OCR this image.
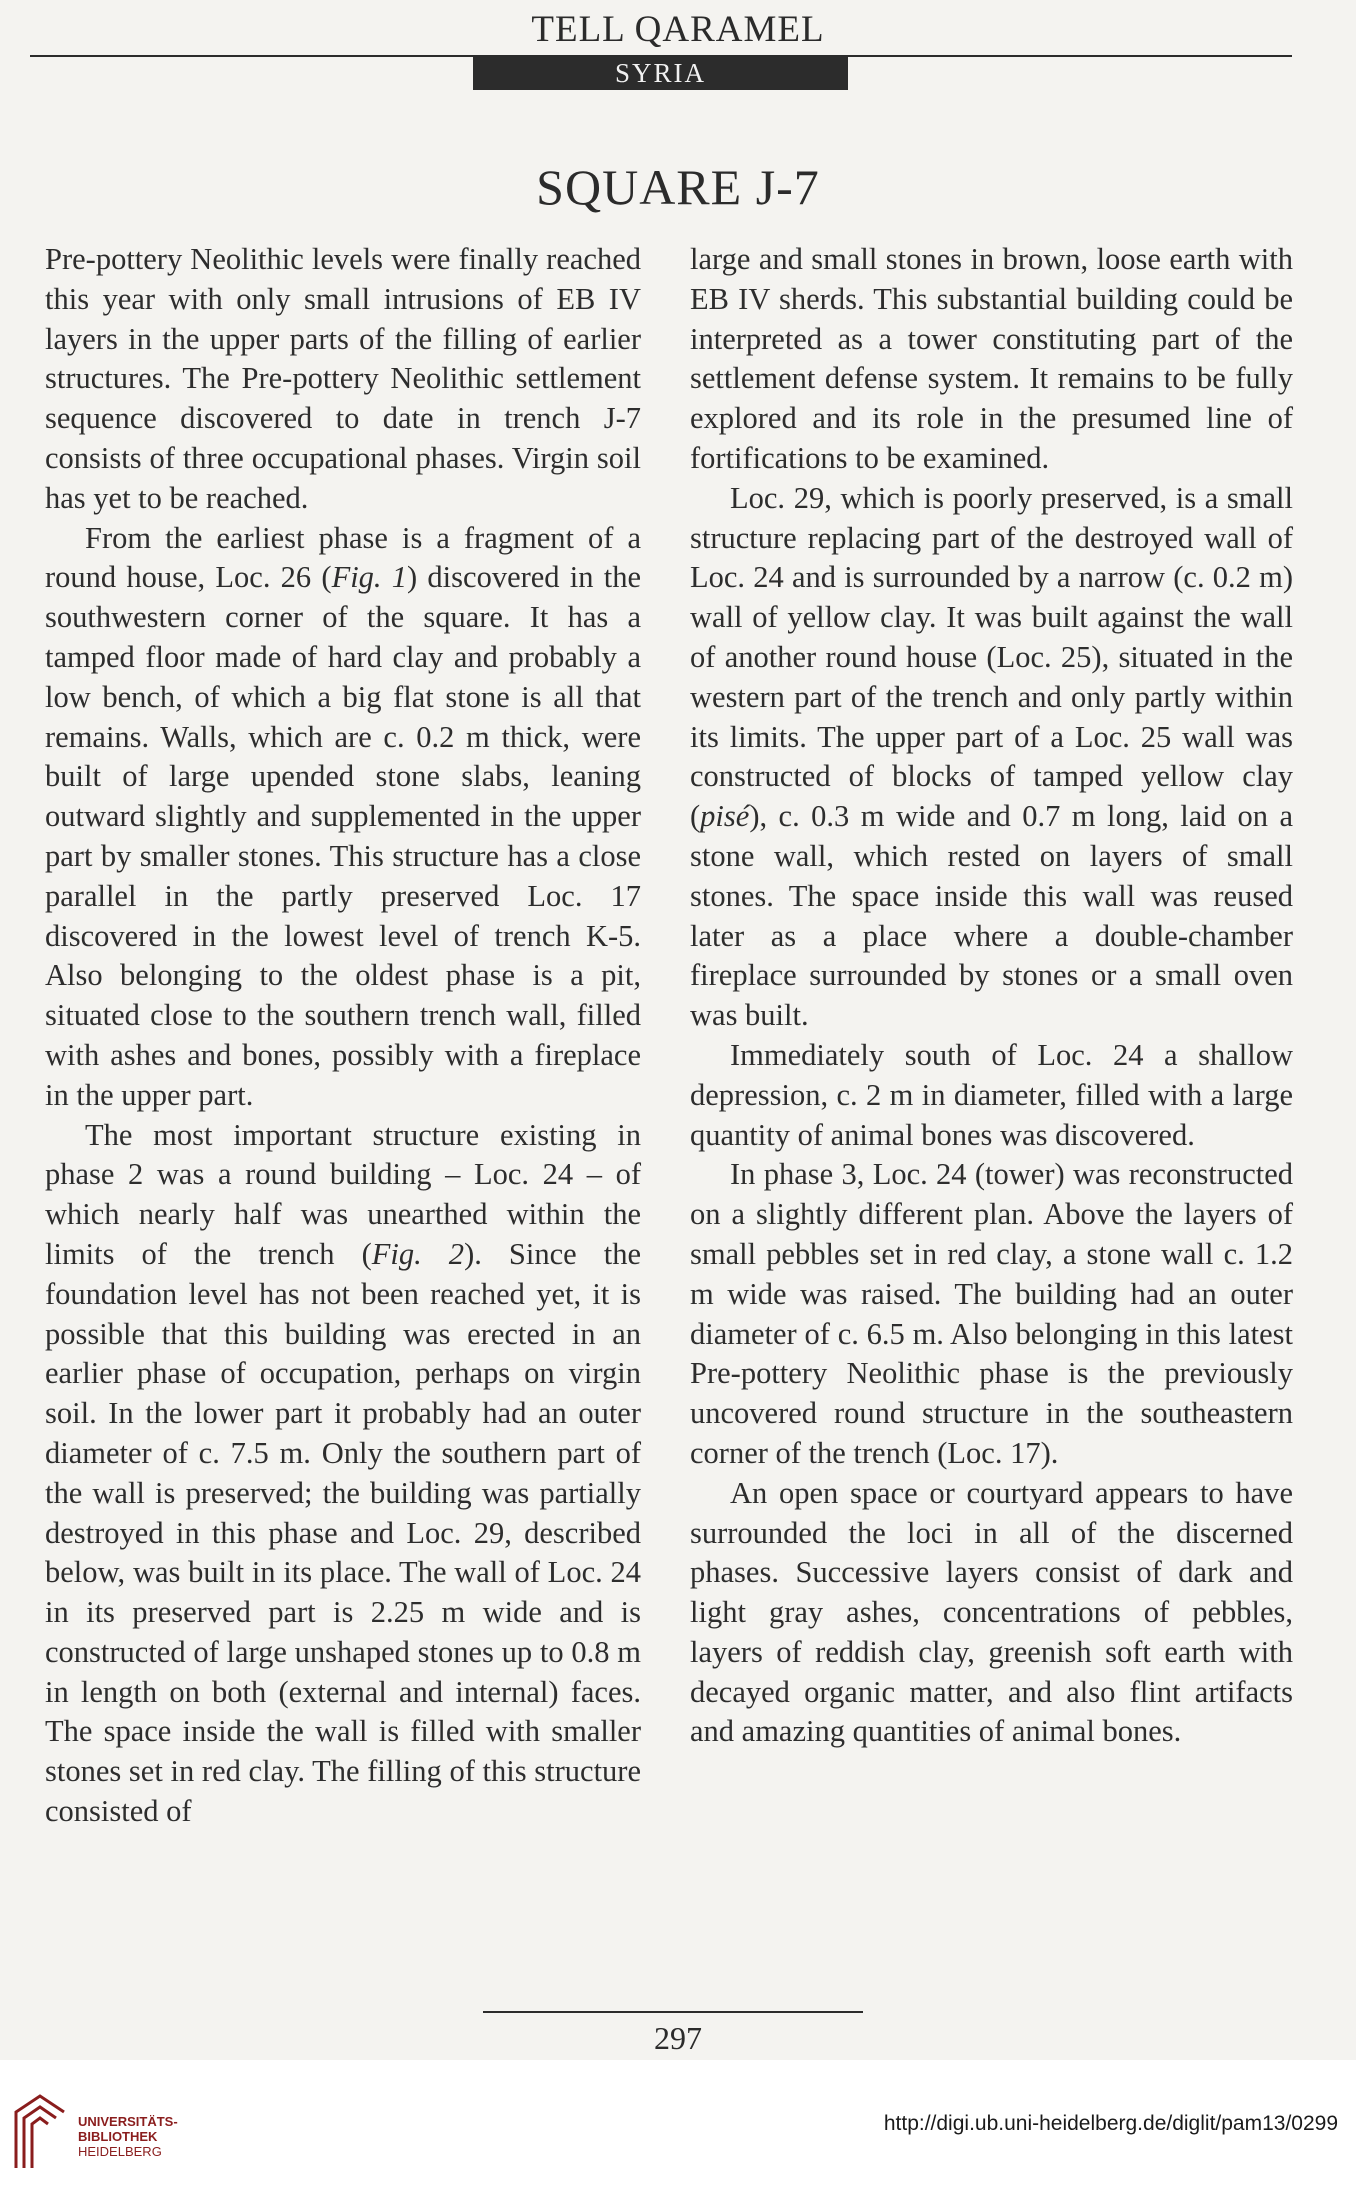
TELL QARAMEL
SYRIA
SQUARE J-7

Pre-pottery Neolithic levels were finally reached this year with only small intrusions of EB IV layers in the upper parts of the filling of earlier structures. The Pre-pottery Neolithic settlement sequence discovered to date in trench J-7 consists of three occupational phases. Virgin soil has yet to be reached.

From the earliest phase is a fragment of a round house, Loc. 26 (Fig. 1) discovered in the southwestern corner of the square. It has a tamped floor made of hard clay and probably a low bench, of which a big flat stone is all that remains. Walls, which are c. 0.2 m thick, were built of large upended stone slabs, leaning outward slightly and supplemented in the upper part by smaller stones. This structure has a close parallel in the partly preserved Loc. 17 discovered in the lowest level of trench K-5. Also belonging to the oldest phase is a pit, situated close to the southern trench wall, filled with ashes and bones, possibly with a fireplace in the upper part.

The most important structure existing in phase 2 was a round building – Loc. 24 – of which nearly half was unearthed within the limits of the trench (Fig. 2). Since the foundation level has not been reached yet, it is possible that this building was erected in an earlier phase of occupation, perhaps on virgin soil. In the lower part it probably had an outer diameter of c. 7.5 m. Only the southern part of the wall is preserved; the building was partially destroyed in this phase and Loc. 29, described below, was built in its place. The wall of Loc. 24 in its preserved part is 2.25 m wide and is constructed of large unshaped stones up to 0.8 m in length on both (external and internal) faces. The space inside the wall is filled with smaller stones set in red clay. The filling of this structure consisted of

large and small stones in brown, loose earth with EB IV sherds. This substantial building could be interpreted as a tower constituting part of the settlement defense system. It remains to be fully explored and its role in the presumed line of fortifications to be examined.

Loc. 29, which is poorly preserved, is a small structure replacing part of the destroyed wall of Loc. 24 and is surrounded by a narrow (c. 0.2 m) wall of yellow clay. It was built against the wall of another round house (Loc. 25), situated in the western part of the trench and only partly within its limits. The upper part of a Loc. 25 wall was constructed of blocks of tamped yellow clay (pisé), c. 0.3 m wide and 0.7 m long, laid on a stone wall, which rested on layers of small stones. The space inside this wall was reused later as a place where a double-chamber fireplace surrounded by stones or a small oven was built.

Immediately south of Loc. 24 a shallow depression, c. 2 m in diameter, filled with a large quantity of animal bones was discovered.

In phase 3, Loc. 24 (tower) was reconstructed on a slightly different plan. Above the layers of small pebbles set in red clay, a stone wall c. 1.2 m wide was raised. The building had an outer diameter of c. 6.5 m. Also belonging in this latest Pre-pottery Neolithic phase is the previously uncovered round structure in the southeastern corner of the trench (Loc. 17).

An open space or courtyard appears to have surrounded the loci in all of the discerned phases. Successive layers consist of dark and light gray ashes, concentrations of pebbles, layers of reddish clay, greenish soft earth with decayed organic matter, and also flint artifacts and amazing quantities of animal bones.

297
UNIVERSITÄTS-
BIBLIOTHEK
HEIDELBERG
http://digi.ub.uni-heidelberg.de/diglit/pam13/0299
